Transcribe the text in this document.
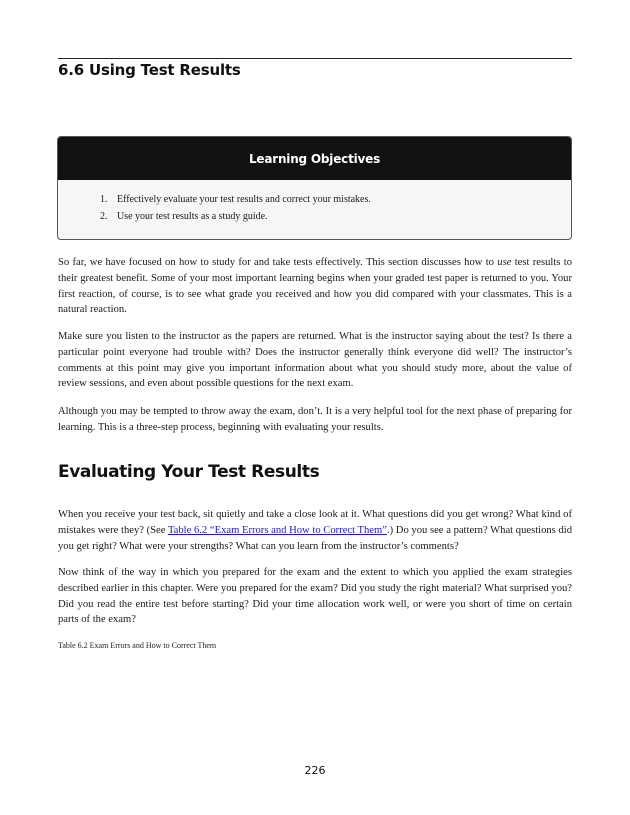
6.6 Using Test Results
Learning Objectives
1. Effectively evaluate your test results and correct your mistakes.
2. Use your test results as a study guide.

So far, we have focused on how to study for and take tests effectively. This section discusses how to use test results to their greatest benefit. Some of your most important learning begins when your graded test paper is returned to you. Your first reaction, of course, is to see what grade you received and how you did compared with your classmates. This is a natural reaction.

Make sure you listen to the instructor as the papers are returned. What is the instructor saying about the test? Is there a particular point everyone had trouble with? Does the instructor generally think everyone did well? The instructor’s comments at this point may give you important information about what you should study more, about the value of review sessions, and even about possible questions for the next exam.

Although you may be tempted to throw away the exam, don’t. It is a very helpful tool for the next phase of preparing for learning. This is a three-step process, beginning with evaluating your results.

Evaluating Your Test Results

When you receive your test back, sit quietly and take a close look at it. What questions did you get wrong? What kind of mistakes were they? (See Table 6.2 “Exam Errors and How to Correct Them”.) Do you see a pattern? What questions did you get right? What were your strengths? What can you learn from the instructor’s comments?

Now think of the way in which you prepared for the exam and the extent to which you applied the exam strategies described earlier in this chapter. Were you prepared for the exam? Did you study the right material? What surprised you? Did you read the entire test before starting? Did your time allocation work well, or were you short of time on certain parts of the exam?

Table 6.2 Exam Errors and How to Correct Them

226
